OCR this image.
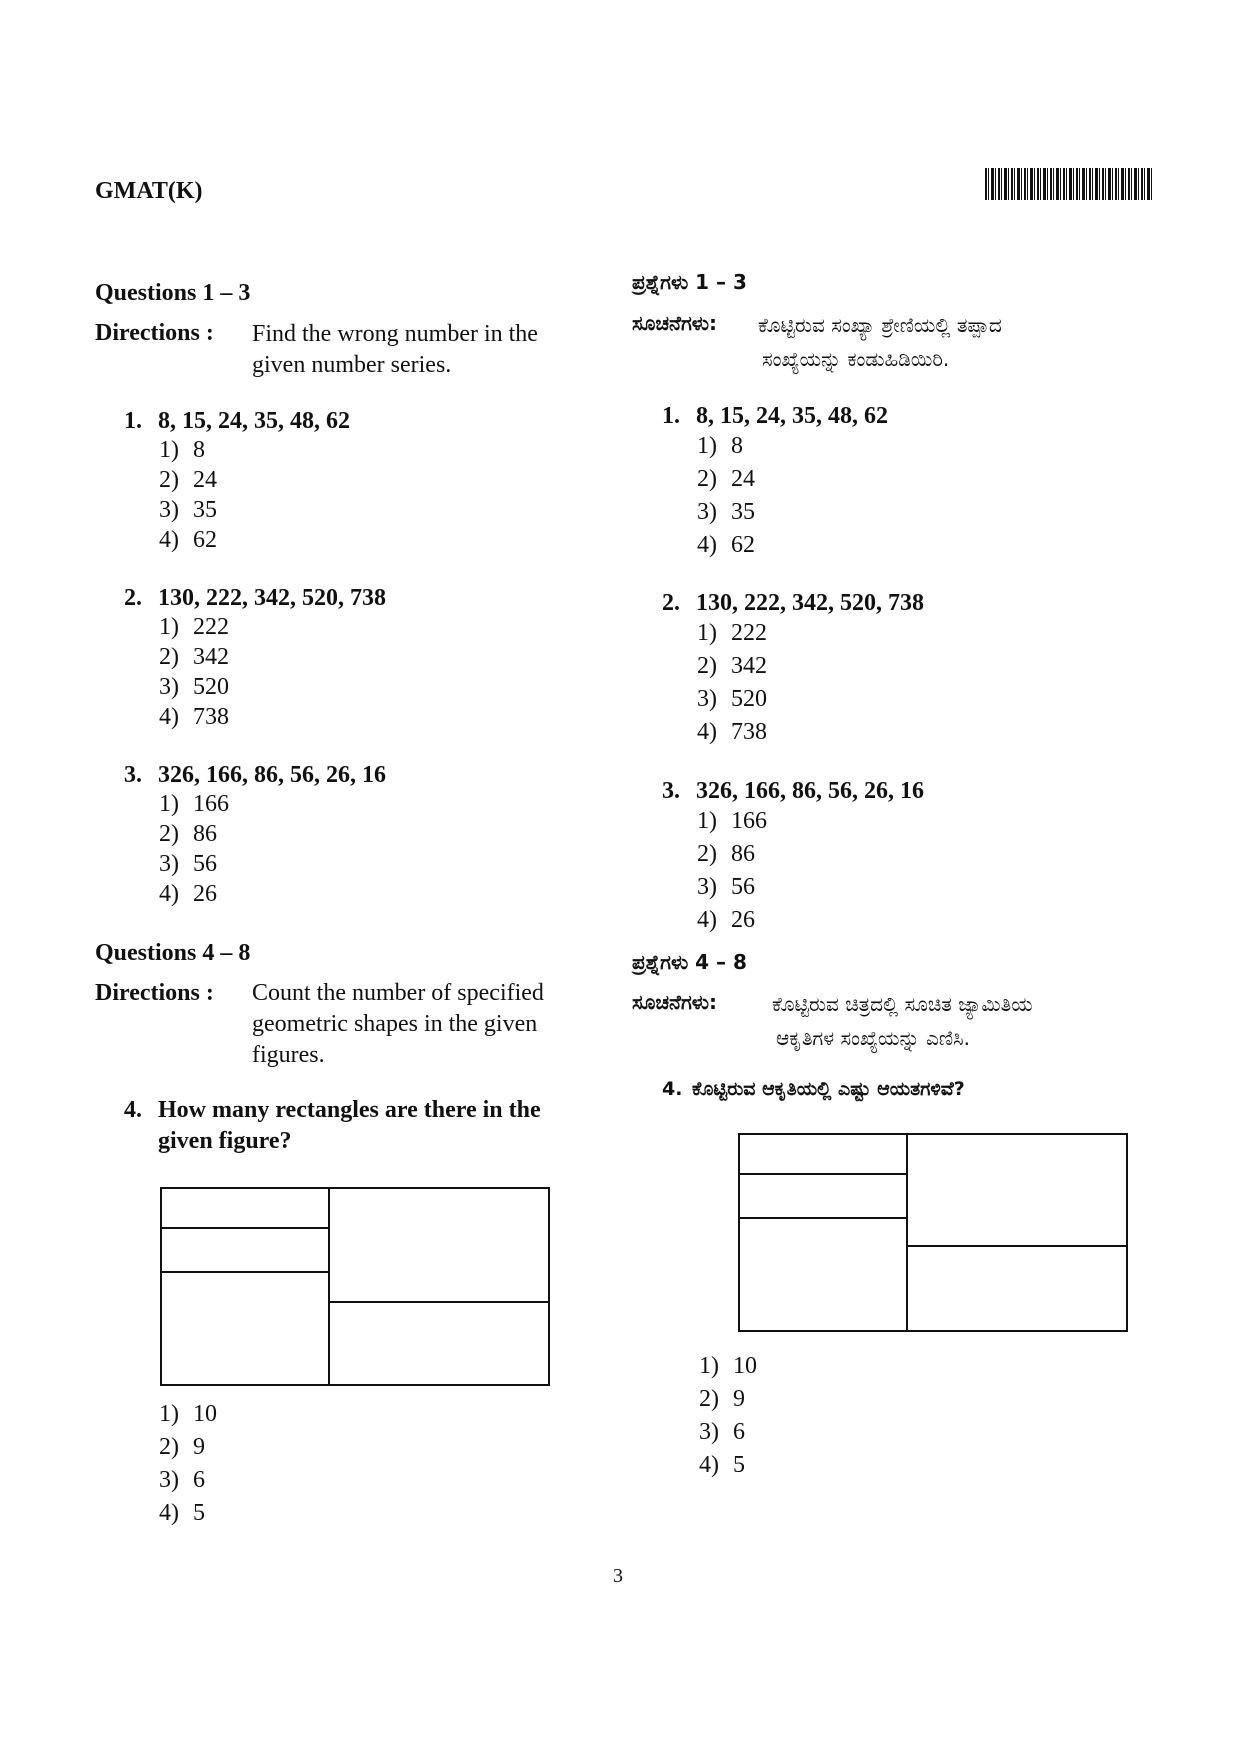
GMAT(K)
Questions 1 – 3
Directions : Find the wrong number in the
given number series.
1. 8, 15, 24, 35, 48, 62
1) 8
2) 24
3) 35
4) 62
2. 130, 222, 342, 520, 738
1) 222
2) 342
3) 520
4) 738
3. 326, 166, 86, 56, 26, 16
1) 166
2) 86
3) 56
4) 26
Questions 4 – 8
Directions : Count the number of specified
geometric shapes in the given
figures.
4. How many rectangles are there in the
given figure?
1) 10
2) 9
3) 6
4) 5
ಪ್ರಶ್ನೆಗಳು 1 – 3
ಸೂಚನೆಗಳು: ಕೊಟ್ಟಿರುವ ಸಂಖ್ಯಾ ಶ್ರೇಣಿಯಲ್ಲಿ ತಪ್ಪಾದ
ಸಂಖ್ಯೆಯನ್ನು ಕಂಡುಹಿಡಿಯಿರಿ.
1. 8, 15, 24, 35, 48, 62
1) 8
2) 24
3) 35
4) 62
2. 130, 222, 342, 520, 738
1) 222
2) 342
3) 520
4) 738
3. 326, 166, 86, 56, 26, 16
1) 166
2) 86
3) 56
4) 26
ಪ್ರಶ್ನೆಗಳು 4 – 8
ಸೂಚನೆಗಳು:	ಕೊಟ್ಟಿರುವ ಚಿತ್ರದಲ್ಲಿ ಸೂಚಿತ ಜ್ಯಾಮಿತಿಯ
ಆಕೃತಿಗಳ ಸಂಖ್ಯೆಯನ್ನು ಎಣಿಸಿ.
4. ಕೊಟ್ಟಿರುವ ಆಕೃತಿಯಲ್ಲಿ ಎಷ್ಟು ಆಯತಗಳಿವೆ?
1) 10
2) 9
3) 6
4) 5
3
